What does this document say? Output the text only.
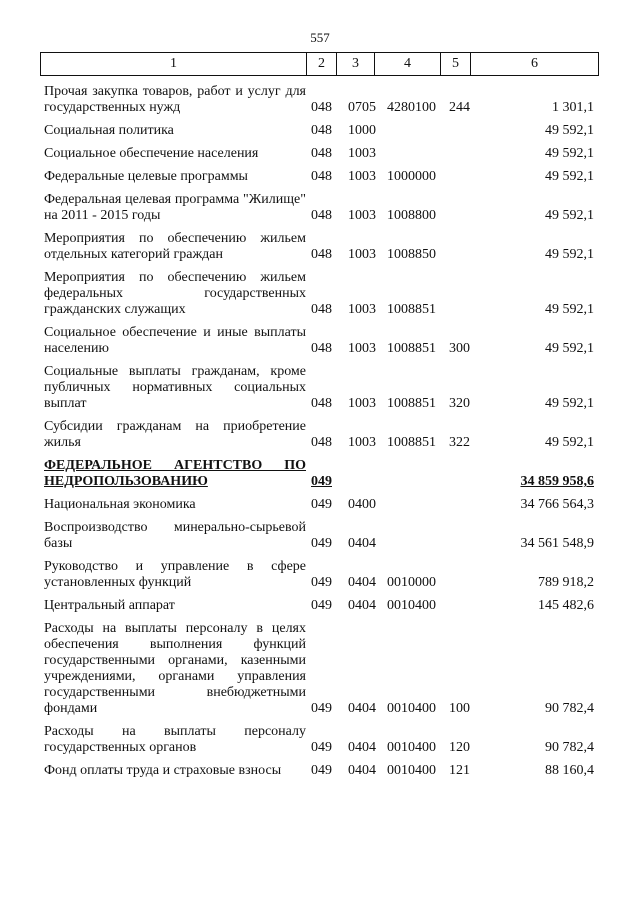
557
1	2	3	4	5	6
Прочая закупка товаров, работ и услуг для государственных нужд	048 0705 4280100 244	1 301,1
Социальная политика	048 1000	49 592,1
Социальное обеспечение населения	048 1003	49 592,1
Федеральные целевые программы	048 1003 1000000	49 592,1
Федеральная целевая программа "Жилище" на 2011 - 2015 годы	048 1003 1008800	49 592,1
Мероприятия по обеспечению жильем отдельных категорий граждан	048 1003 1008850	49 592,1
Мероприятия по обеспечению жильем федеральных государственных гражданских служащих	048 1003 1008851	49 592,1
Социальное обеспечение и иные выплаты населению	048 1003 1008851 300	49 592,1
Социальные выплаты гражданам, кроме публичных нормативных социальных выплат	048 1003 1008851 320	49 592,1
Субсидии гражданам на приобретение жилья	048 1003 1008851 322	49 592,1
ФЕДЕРАЛЬНОЕ АГЕНТСТВО ПО НЕДРОПОЛЬЗОВАНИЮ	049	34 859 958,6
Национальная экономика	049 0400	34 766 564,3
Воспроизводство минерально-сырьевой базы	049 0404	34 561 548,9
Руководство и управление в сфере установленных функций	049 0404 0010000	789 918,2
Центральный аппарат	049 0404 0010400	145 482,6
Расходы на выплаты персоналу в целях обеспечения выполнения функций государственными органами, казенными учреждениями, органами управления государственными внебюджетными фондами	049 0404 0010400 100	90 782,4
Расходы на выплаты персоналу государственных органов	049 0404 0010400 120	90 782,4
Фонд оплаты труда и страховые взносы	049 0404 0010400 121	88 160,4
